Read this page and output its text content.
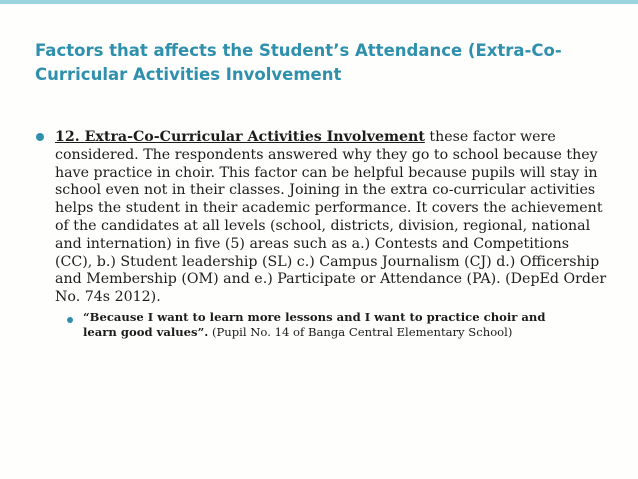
Factors that affects the Student’s Attendance (Extra-Co-Curricular Activities Involvement

12. Extra-Co-Curricular Activities Involvement these factor were considered. The respondents answered why they go to school because they have practice in choir. This factor can be helpful because pupils will stay in school even not in their classes. Joining in the extra co-curricular activities helps the student in their academic performance. It covers the achievement of the candidates at all levels (school, districts, division, regional, national and internation) in five (5) areas such as a.) Contests and Competitions (CC), b.) Student leadership (SL) c.) Campus Journalism (CJ) d.) Officership and Membership (OM) and e.) Participate or Attendance (PA). (DepEd Order No. 74s 2012).

“Because I want to learn more lessons and I want to practice choir and learn good values”. (Pupil No. 14 of Banga Central Elementary School)
